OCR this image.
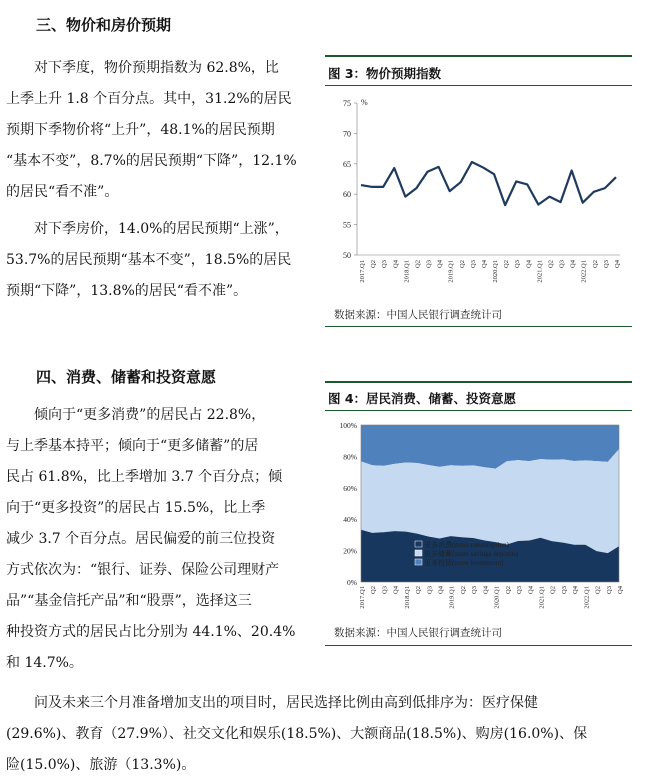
三、物价和房价预期

对下季度，物价预期指数为 62.8%，比

上季上升 1.8 个百分点。其中，31.2%的居民

预期下季物价将“上升”，48.1%的居民预期

“基本不变”，8.7%的居民预期“下降”，12.1%

的居民“看不准”。

对下季房价，14.0%的居民预期“上涨”，

53.7%的居民预期“基本不变”，18.5%的居民

预期“下降”，13.8%的居民“看不准”。

图 3：物价预期指数
75
70
65
60
55
50
2017.Q1 Q2 Q3 Q4 2018.Q1 Q2 Q3 Q4 2019.Q1 Q2 Q3 Q4 2020.Q1 Q2 Q3 Q4 2021.Q1 Q2 Q3 Q4 2022.Q1 Q2 Q3 Q4
%
数据来源：中国人民银行调查统计司
四、消费、储蓄和投资意愿

倾向于“更多消费”的居民占 22.8%，

与上季基本持平；倾向于“更多储蓄”的居

民占 61.8%，比上季增加 3.7 个百分点；倾

向于“更多投资”的居民占 15.5%，比上季

减少 3.7 个百分点。居民偏爱的前三位投资

方式依次为：“银行、证券、保险公司理财产

品”“基金信托产品”和“股票”，选择这三

种投资方式的居民占比分别为 44.1%、20.4%

和 14.7%。

图 4：居民消费、储蓄、投资意愿
100%
80%
60%
40%
20%
0%
2017.Q1 Q2 Q3 Q4 2018.Q1 Q2 Q3 Q4 2019.Q1 Q2 Q3 Q4 2020.Q1 Q2 Q3 Q4 2021.Q1 Q2 Q3 Q4 2022.Q1 Q2 Q3 Q4
更多消费(more consumption)
更多储蓄(more savings deposits)
更多投资(more investment)
数据来源：中国人民银行调查统计司

问及未来三个月准备增加支出的项目时，居民选择比例由高到低排序为：医疗保健

(29.6%)、教育（27.9%）、社交文化和娱乐(18.5%)、大额商品(18.5%)、购房(16.0%)、保

险(15.0%)、旅游（13.3%)。
